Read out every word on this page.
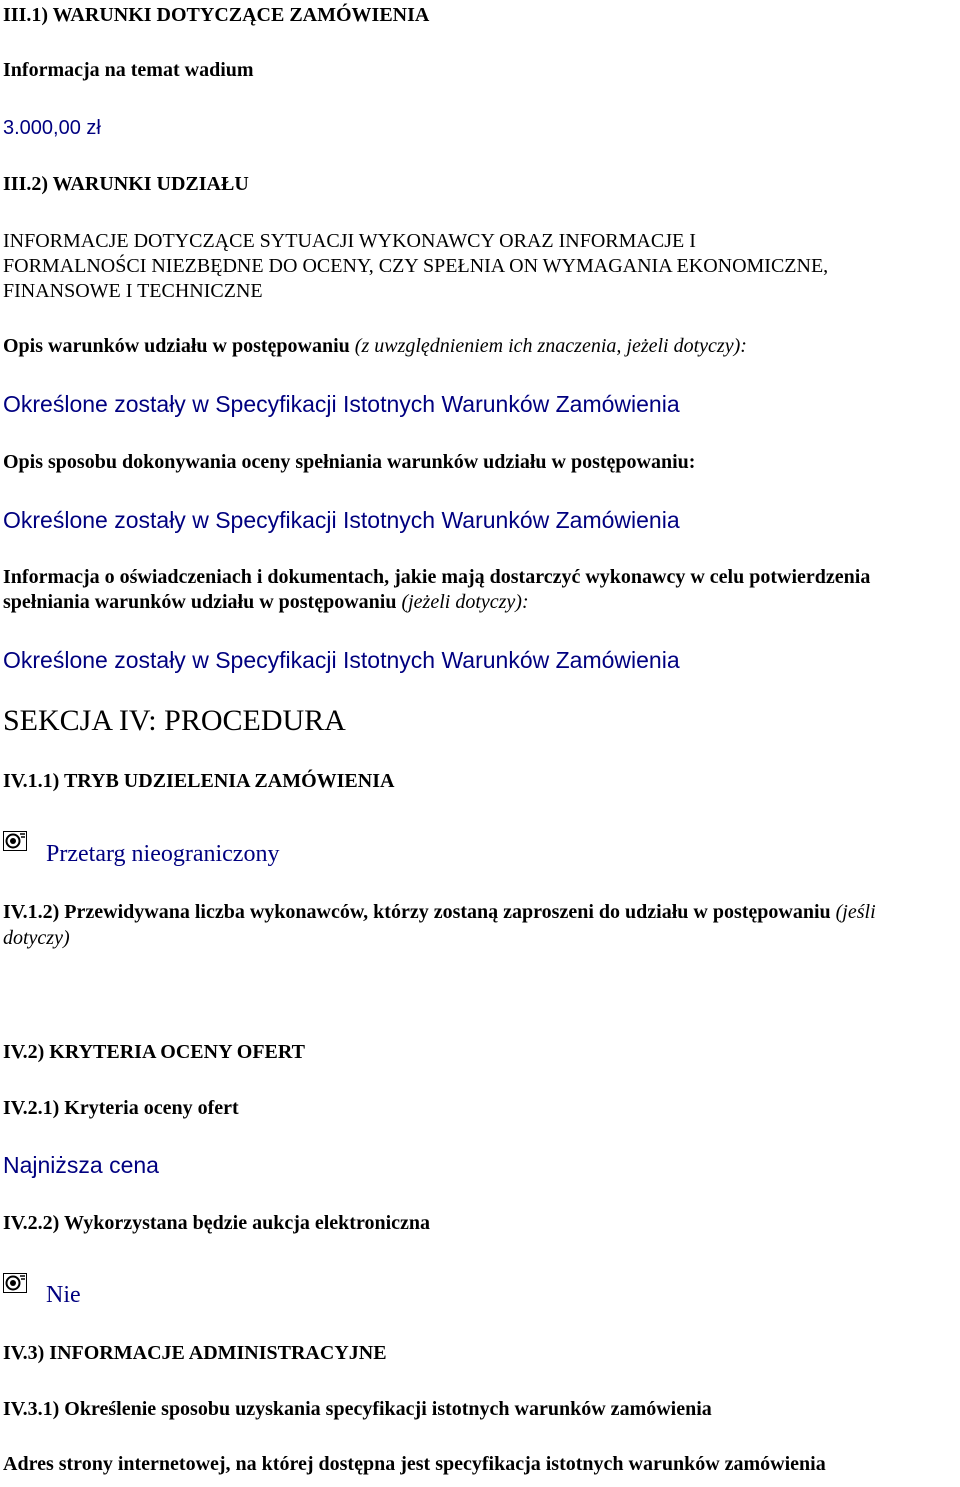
III.1) WARUNKI DOTYCZĄCE ZAMÓWIENIA
Informacja na temat wadium
3.000,00 zł
III.2) WARUNKI UDZIAŁU
INFORMACJE DOTYCZĄCE SYTUACJI WYKONAWCY ORAZ INFORMACJE I
FORMALNOŚCI NIEZBĘDNE DO OCENY, CZY SPEŁNIA ON WYMAGANIA EKONOMICZNE,
FINANSOWE I TECHNICZNE
Opis warunków udziału w postępowaniu (z uwzględnieniem ich znaczenia, jeżeli dotyczy):
Określone zostały w Specyfikacji Istotnych Warunków Zamówienia
Opis sposobu dokonywania oceny spełniania warunków udziału w postępowaniu:
Określone zostały w Specyfikacji Istotnych Warunków Zamówienia
Informacja o oświadczeniach i dokumentach, jakie mają dostarczyć wykonawcy w celu potwierdzenia
spełniania warunków udziału w postępowaniu (jeżeli dotyczy):
Określone zostały w Specyfikacji Istotnych Warunków Zamówienia
SEKCJA IV: PROCEDURA
IV.1.1) TRYB UDZIELENIA ZAMÓWIENIA
Przetarg nieograniczony
IV.1.2) Przewidywana liczba wykonawców, którzy zostaną zaproszeni do udziału w postępowaniu (jeśli
dotyczy)
IV.2) KRYTERIA OCENY OFERT
IV.2.1) Kryteria oceny ofert
Najniższa cena
IV.2.2) Wykorzystana będzie aukcja elektroniczna
Nie
IV.3) INFORMACJE ADMINISTRACYJNE
IV.3.1) Określenie sposobu uzyskania specyfikacji istotnych warunków zamówienia
Adres strony internetowej, na której dostępna jest specyfikacja istotnych warunków zamówienia
